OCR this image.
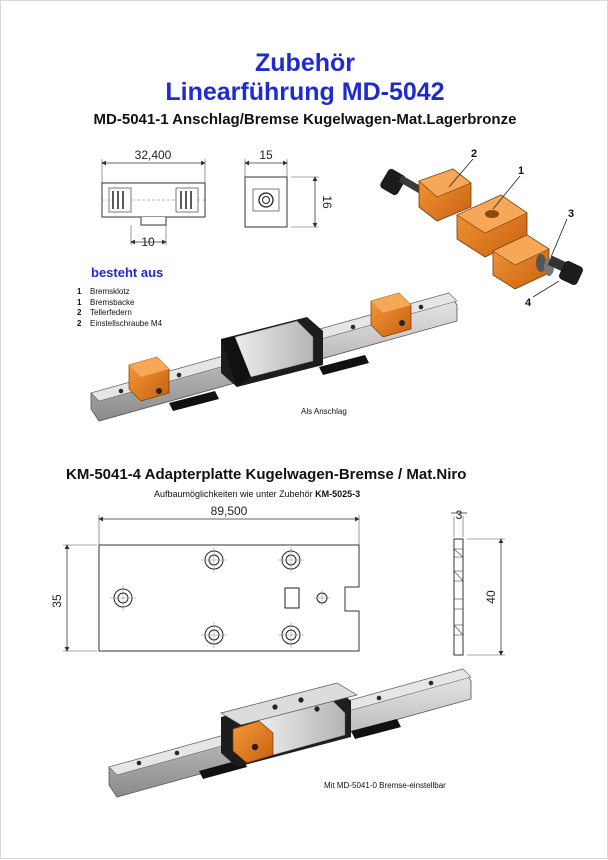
Zubehör
Linearführung MD-5042
MD-5041-1 Anschlag/Bremse Kugelwagen-Mat.Lagerbronze
32,400
10
15
16
2
1
3
4
89,500
35
3
40
besteht aus
1	Bremsklotz
1	Bremsbacke
2	Tellerfedern
2	Einstellschraube M4
Als Anschlag
KM-5041-4 Adapterplatte Kugelwagen-Bremse / Mat.Niro
Aufbaumöglichkeiten wie unter Zubehör KM-5025-3
Mit MD-5041-0 Bremse-einstellbar
